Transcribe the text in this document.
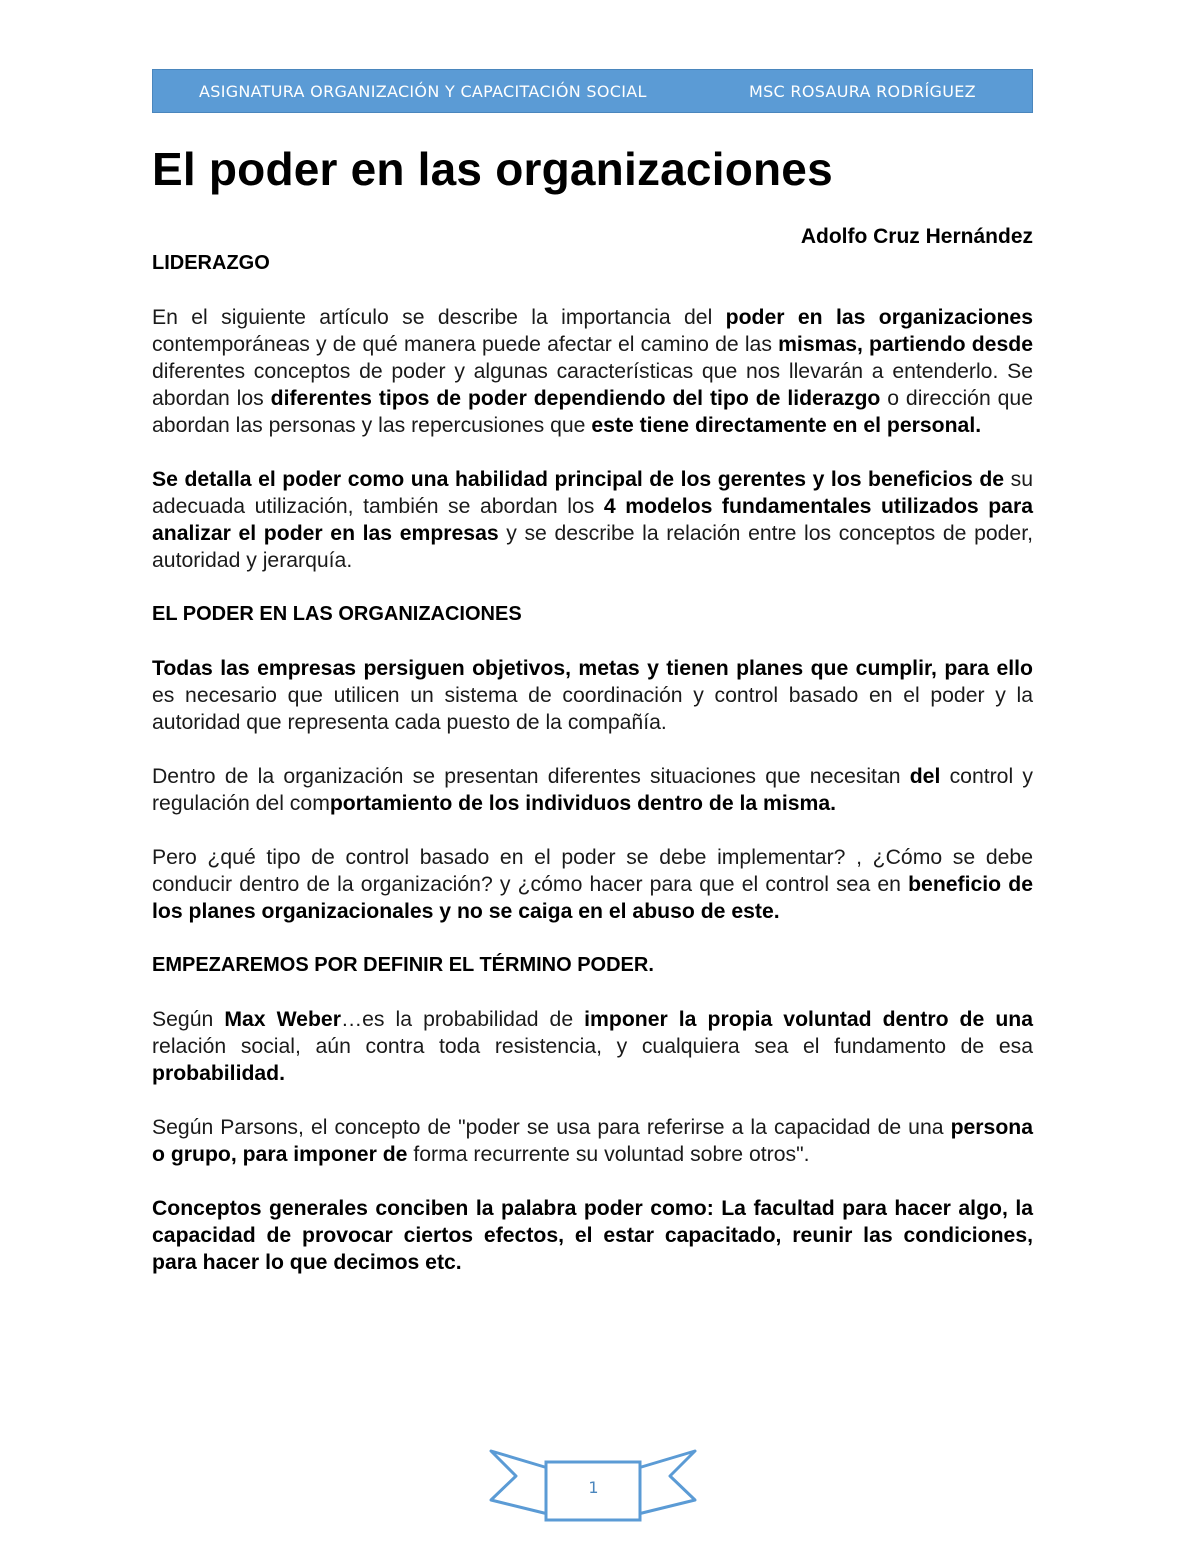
ASIGNATURA ORGANIZACIÓN Y CAPACITACIÓN SOCIAL	MSC ROSAURA RODRÍGUEZ
El poder en las organizaciones
Adolfo Cruz Hernández
LIDERAZGO

En el siguiente artículo se describe la importancia del poder en las organizaciones contemporáneas y de qué manera puede afectar el camino de las mismas, partiendo desde diferentes conceptos de poder y algunas características que nos llevarán a entenderlo. Se abordan los diferentes tipos de poder dependiendo del tipo de liderazgo o dirección que abordan las personas y las repercusiones que este tiene directamente en el personal.

Se detalla el poder como una habilidad principal de los gerentes y los beneficios de su adecuada utilización, también se abordan los 4 modelos fundamentales utilizados para analizar el poder en las empresas y se describe la relación entre los conceptos de poder, autoridad y jerarquía.

EL PODER EN LAS ORGANIZACIONES

Todas las empresas persiguen objetivos, metas y tienen planes que cumplir, para ello es necesario que utilicen un sistema de coordinación y control basado en el poder y la autoridad que representa cada puesto de la compañía.

Dentro de la organización se presentan diferentes situaciones que necesitan del control y regulación del comportamiento de los individuos dentro de la misma.

Pero ¿qué tipo de control basado en el poder se debe implementar? , ¿Cómo se debe conducir dentro de la organización? y ¿cómo hacer para que el control sea en beneficio de los planes organizacionales y no se caiga en el abuso de este.

EMPEZAREMOS POR DEFINIR EL TÉRMINO PODER.

Según Max Weber…es la probabilidad de imponer la propia voluntad dentro de una relación social, aún contra toda resistencia, y cualquiera sea el fundamento de esa probabilidad.

Según Parsons, el concepto de "poder se usa para referirse a la capacidad de una persona o grupo, para imponer de forma recurrente su voluntad sobre otros".

Conceptos generales conciben la palabra poder como: La facultad para hacer algo, la capacidad de provocar ciertos efectos, el estar capacitado, reunir las condiciones, para hacer lo que decimos etc.

1
